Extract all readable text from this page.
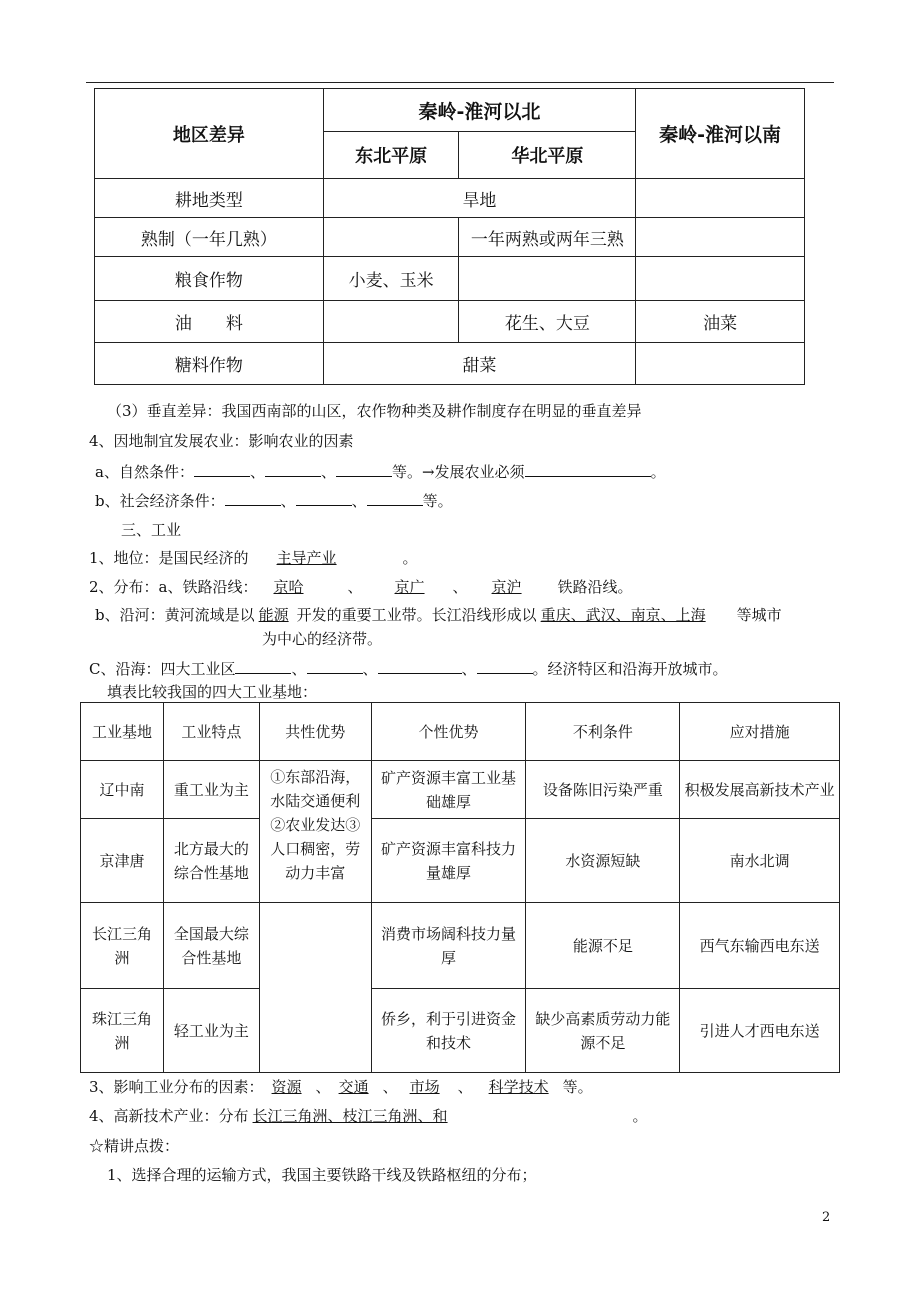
地区差异	秦岭-淮河以北		秦岭-淮河以南
	东北平原	华北平原	
耕地类型	旱地		
熟制（一年几熟）		一年两熟或两年三熟	
粮食作物	小麦、玉米		
油　　料		花生、大豆	油菜
糖料作物	甜菜		
（3）垂直差异：我国西南部的山区，农作物种类及耕作制度存在明显的垂直差异
4、因地制宜发展农业：影响农业的因素
a、自然条件：	、	、	等。→发展农业必须	。
b、社会经济条件：	、	、	等。
三、工业
1、地位：是国民经济的 主导产业	。
2、分布：a、铁路沿线： 京哈	、 京广 、 京沪 铁路沿线。
b、沿河：黄河流域是以 能源 开发的重要工业带。长江沿线形成以 重庆、武汉、南京、上海 等城市
为中心的经济带。
C、沿海：四大工业区	、	、	、	。经济特区和沿海开放城市。
填表比较我国的四大工业基地：
工业基地	工业特点	共性优势	个性优势	不利条件	应对措施
辽中南	重工业为主	①东部沿海，水陆交通便利②农业发达③人口稠密，劳动力丰富	矿产资源丰富工业基础雄厚	设备陈旧污染严重	积极发展高新技术产业
京津唐	北方最大的综合性基地		矿产资源丰富科技力量雄厚	水资源短缺	南水北调
长江三角洲	全国最大综合性基地		消费市场阔科技力量厚	能源不足	西气东输西电东送
珠江三角洲	轻工业为主		侨乡，利于引进资金和技术	缺少高素质劳动力能源不足	引进人才西电东送
3、影响工业分布的因素： 资源 、 交通 、 市场 、 科学技术 等。
4、高新技术产业：分布 长江三角洲、枝江三角洲、和	。
☆精讲点拨：
1、选择合理的运输方式，我国主要铁路干线及铁路枢纽的分布；
2
